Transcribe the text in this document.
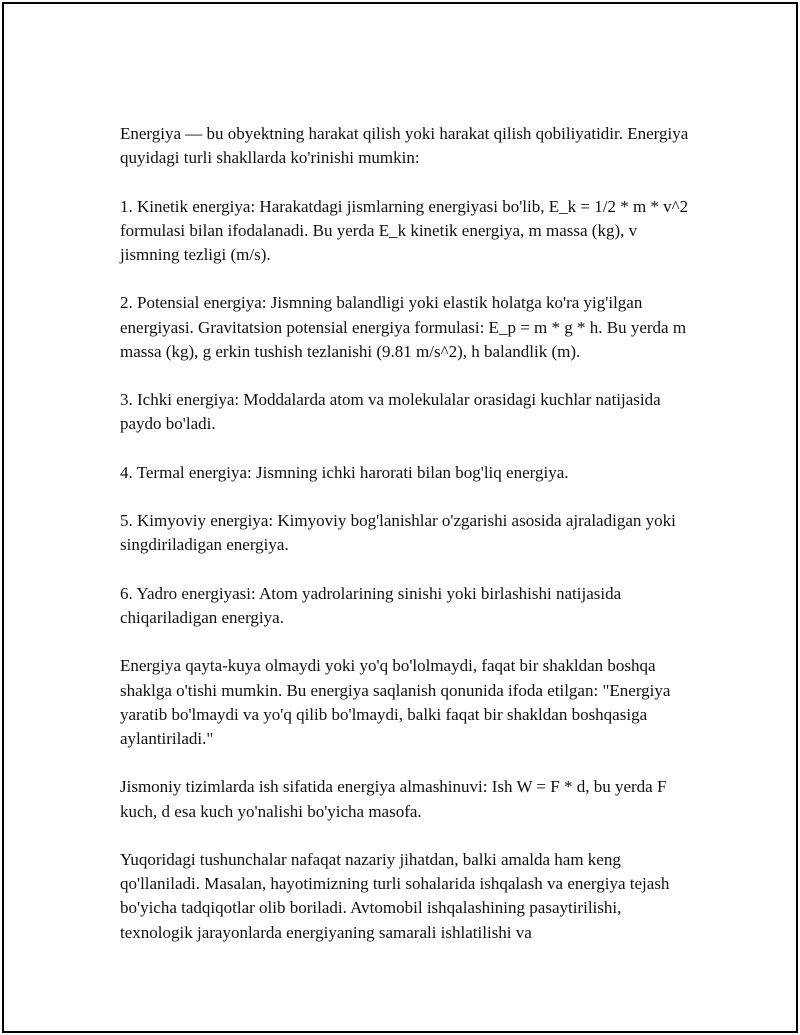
Energiya — bu obyektning harakat qilish yoki harakat qilish qobiliyatidir. Energiya quyidagi turli shakllarda ko'rinishi mumkin:

1. Kinetik energiya: Harakatdagi jismlarning energiyasi bo'lib, E_k = 1/2 * m * v^2 formulasi bilan ifodalanadi. Bu yerda E_k kinetik energiya, m massa (kg), v jismning tezligi (m/s).

2. Potensial energiya: Jismning balandligi yoki elastik holatga ko'ra yig'ilgan energiyasi. Gravitatsion potensial energiya formulasi: E_p = m * g * h. Bu yerda m massa (kg), g erkin tushish tezlanishi (9.81 m/s^2), h balandlik (m).

3. Ichki energiya: Moddalarda atom va molekulalar orasidagi kuchlar natijasida paydo bo'ladi.

4. Termal energiya: Jismning ichki harorati bilan bog'liq energiya.

5. Kimyoviy energiya: Kimyoviy bog'lanishlar o'zgarishi asosida ajraladigan yoki singdiriladigan energiya.

6. Yadro energiyasi: Atom yadrolarining sinishi yoki birlashishi natijasida chiqariladigan energiya.

Energiya qayta-kuya olmaydi yoki yo'q bo'lolmaydi, faqat bir shakldan boshqa shaklga o'tishi mumkin. Bu energiya saqlanish qonunida ifoda etilgan: "Energiya yaratib bo'lmaydi va yo'q qilib bo'lmaydi, balki faqat bir shakldan boshqasiga aylantiriladi."

Jismoniy tizimlarda ish sifatida energiya almashinuvi: Ish W = F * d, bu yerda F kuch, d esa kuch yo'nalishi bo'yicha masofa.

Yuqoridagi tushunchalar nafaqat nazariy jihatdan, balki amalda ham keng qo'llaniladi. Masalan, hayotimizning turli sohalarida ishqalash va energiya tejash bo'yicha tadqiqotlar olib boriladi. Avtomobil ishqalashining pasaytirilishi, texnologik jarayonlarda energiyaning samarali ishlatilishi va
